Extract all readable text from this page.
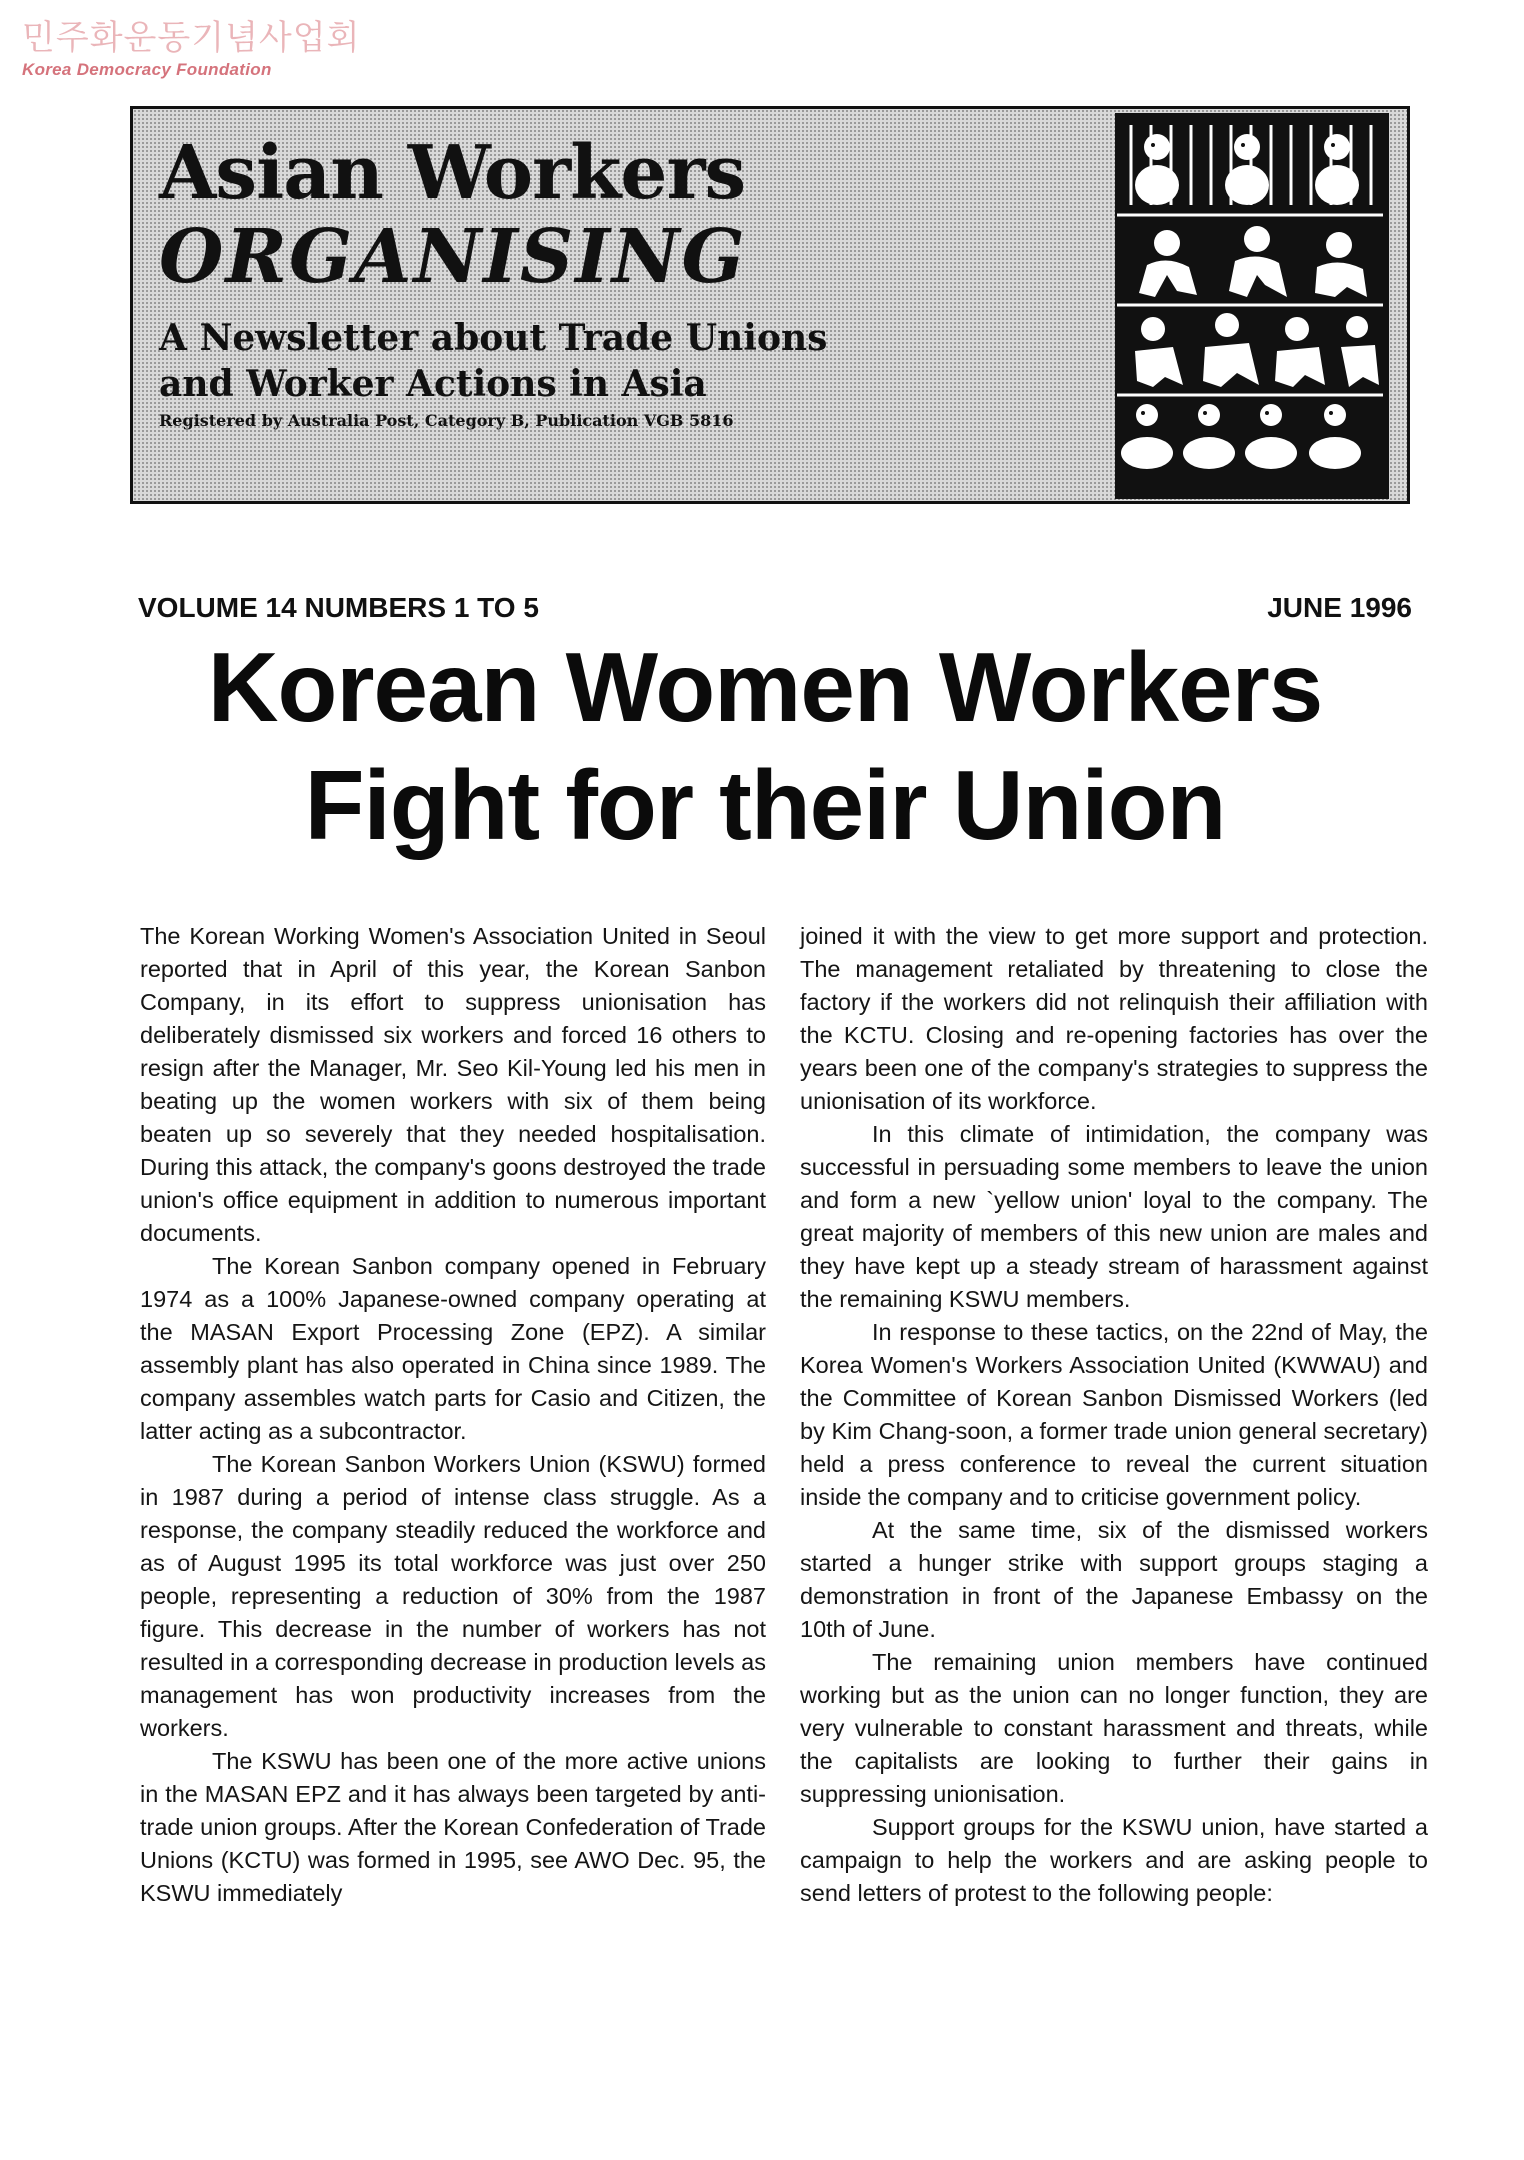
민주화운동기념사업회
Korea Democracy Foundation
Asian Workers
ORGANISING
A Newsletter about Trade Unions
and Worker Actions in Asia
Registered by Australia Post, Category B, Publication VGB 5816
VOLUME 14 NUMBERS 1 TO 5	JUNE 1996
Korean Women Workers
Fight for their Union

The Korean Working Women's Association United in Seoul reported that in April of this year, the Korean Sanbon Company, in its effort to suppress unionisation has deliberately dismissed six workers and forced 16 others to resign after the Manager, Mr. Seo Kil-Young led his men in beating up the women workers with six of them being beaten up so severely that they needed hospitalisation. During this attack, the company's goons destroyed the trade union's office equipment in addition to numerous important documents.

The Korean Sanbon company opened in February 1974 as a 100% Japanese-owned company operating at the MASAN Export Processing Zone (EPZ). A similar assembly plant has also operated in China since 1989. The company assembles watch parts for Casio and Citizen, the latter acting as a subcontractor.

The Korean Sanbon Workers Union (KSWU) formed in 1987 during a period of intense class struggle. As a response, the company steadily reduced the workforce and as of August 1995 its total workforce was just over 250 people, representing a reduction of 30% from the 1987 figure. This decrease in the number of workers has not resulted in a corresponding decrease in production levels as management has won productivity increases from the workers.

The KSWU has been one of the more active unions in the MASAN EPZ and it has always been targeted by anti-trade union groups. After the Korean Confederation of Trade Unions (KCTU) was formed in 1995, see AWO Dec. 95, the KSWU immediately

joined it with the view to get more support and protection. The management retaliated by threatening to close the factory if the workers did not relinquish their affiliation with the KCTU. Closing and re-opening factories has over the years been one of the company's strategies to suppress the unionisation of its workforce.

In this climate of intimidation, the company was successful in persuading some members to leave the union and form a new `yellow union' loyal to the company. The great majority of members of this new union are males and they have kept up a steady stream of harassment against the remaining KSWU members.

In response to these tactics, on the 22nd of May, the Korea Women's Workers Association United (KWWAU) and the Committee of Korean Sanbon Dismissed Workers (led by Kim Chang-soon, a former trade union general secretary) held a press conference to reveal the current situation inside the company and to criticise government policy.

At the same time, six of the dismissed workers started a hunger strike with support groups staging a demonstration in front of the Japanese Embassy on the 10th of June.

The remaining union members have continued working but as the union can no longer function, they are very vulnerable to constant harassment and threats, while the capitalists are looking to further their gains in suppressing unionisation.

Support groups for the KSWU union, have started a campaign to help the workers and are asking people to send letters of protest to the following people:
